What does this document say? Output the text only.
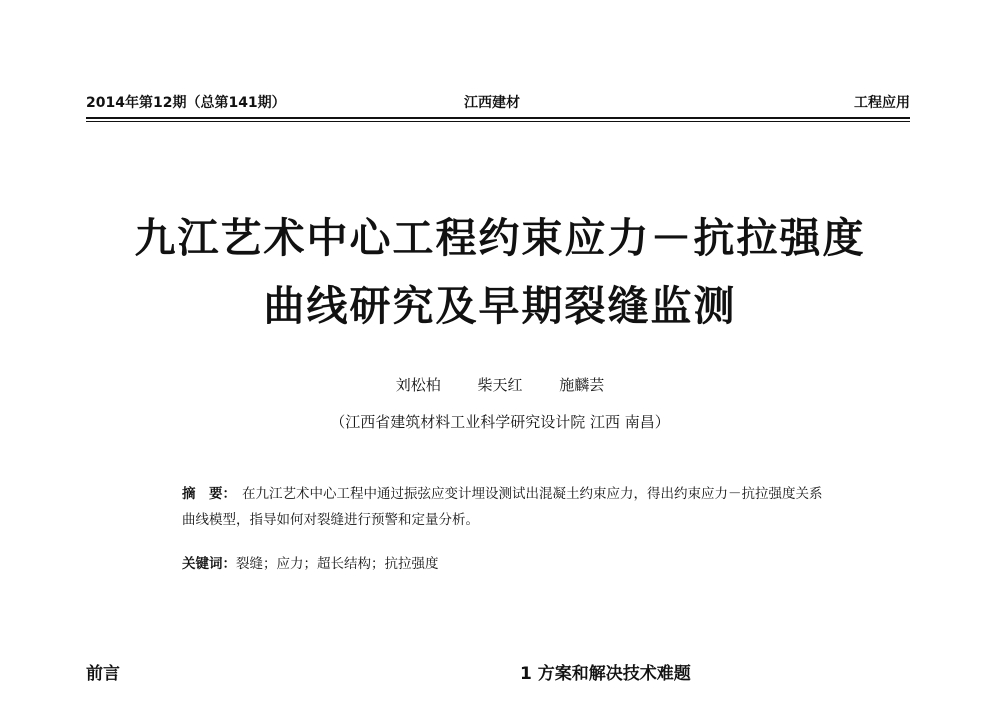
2014年第12期（总第141期）	江西建材	工程应用
九江艺术中心工程约束应力－抗拉强度
曲线研究及早期裂缝监测
刘松柏 柴天红 施麟芸
（江西省建筑材料工业科学研究设计院 江西 南昌）
摘　要： 在九江艺术中心工程中通过振弦应变计埋设测试出混凝土约束应力，得出约束应力－抗拉强度关系曲线模型，指导如何对裂缝进行预警和定量分析。
关键词：裂缝；应力；超长结构；抗拉强度
前言	1 方案和解决技术难题
